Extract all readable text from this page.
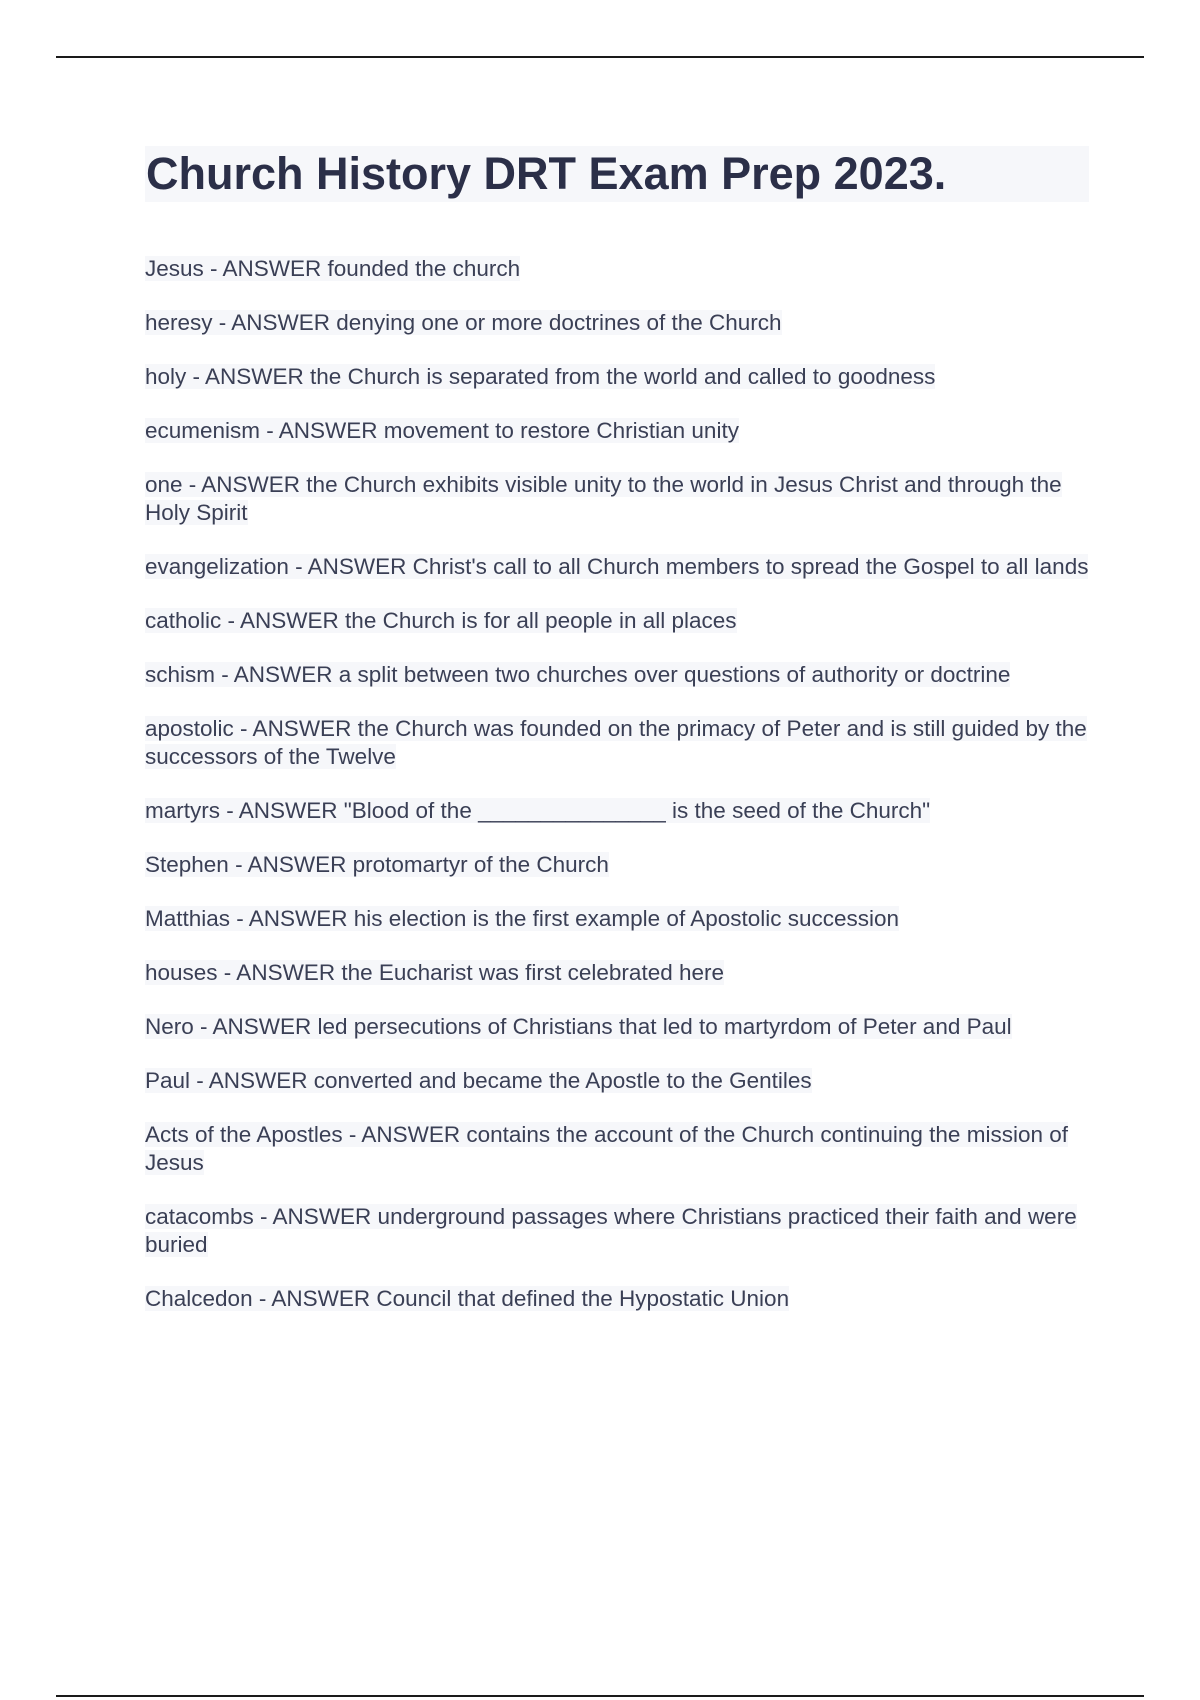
Church History DRT Exam Prep 2023.
Jesus - ANSWER founded the church
heresy - ANSWER denying one or more doctrines of the Church
holy - ANSWER the Church is separated from the world and called to goodness
ecumenism - ANSWER movement to restore Christian unity
one - ANSWER the Church exhibits visible unity to the world in Jesus Christ and through the Holy Spirit
evangelization - ANSWER Christ's call to all Church members to spread the Gospel to all lands
catholic - ANSWER the Church is for all people in all places
schism - ANSWER a split between two churches over questions of authority or doctrine
apostolic - ANSWER the Church was founded on the primacy of Peter and is still guided by the successors of the Twelve
martyrs - ANSWER "Blood of the _______________ is the seed of the Church"
Stephen - ANSWER protomartyr of the Church
Matthias - ANSWER his election is the first example of Apostolic succession
houses - ANSWER the Eucharist was first celebrated here
Nero - ANSWER led persecutions of Christians that led to martyrdom of Peter and Paul
Paul - ANSWER converted and became the Apostle to the Gentiles
Acts of the Apostles - ANSWER contains the account of the Church continuing the mission of Jesus
catacombs - ANSWER underground passages where Christians practiced their faith and were buried
Chalcedon - ANSWER Council that defined the Hypostatic Union
